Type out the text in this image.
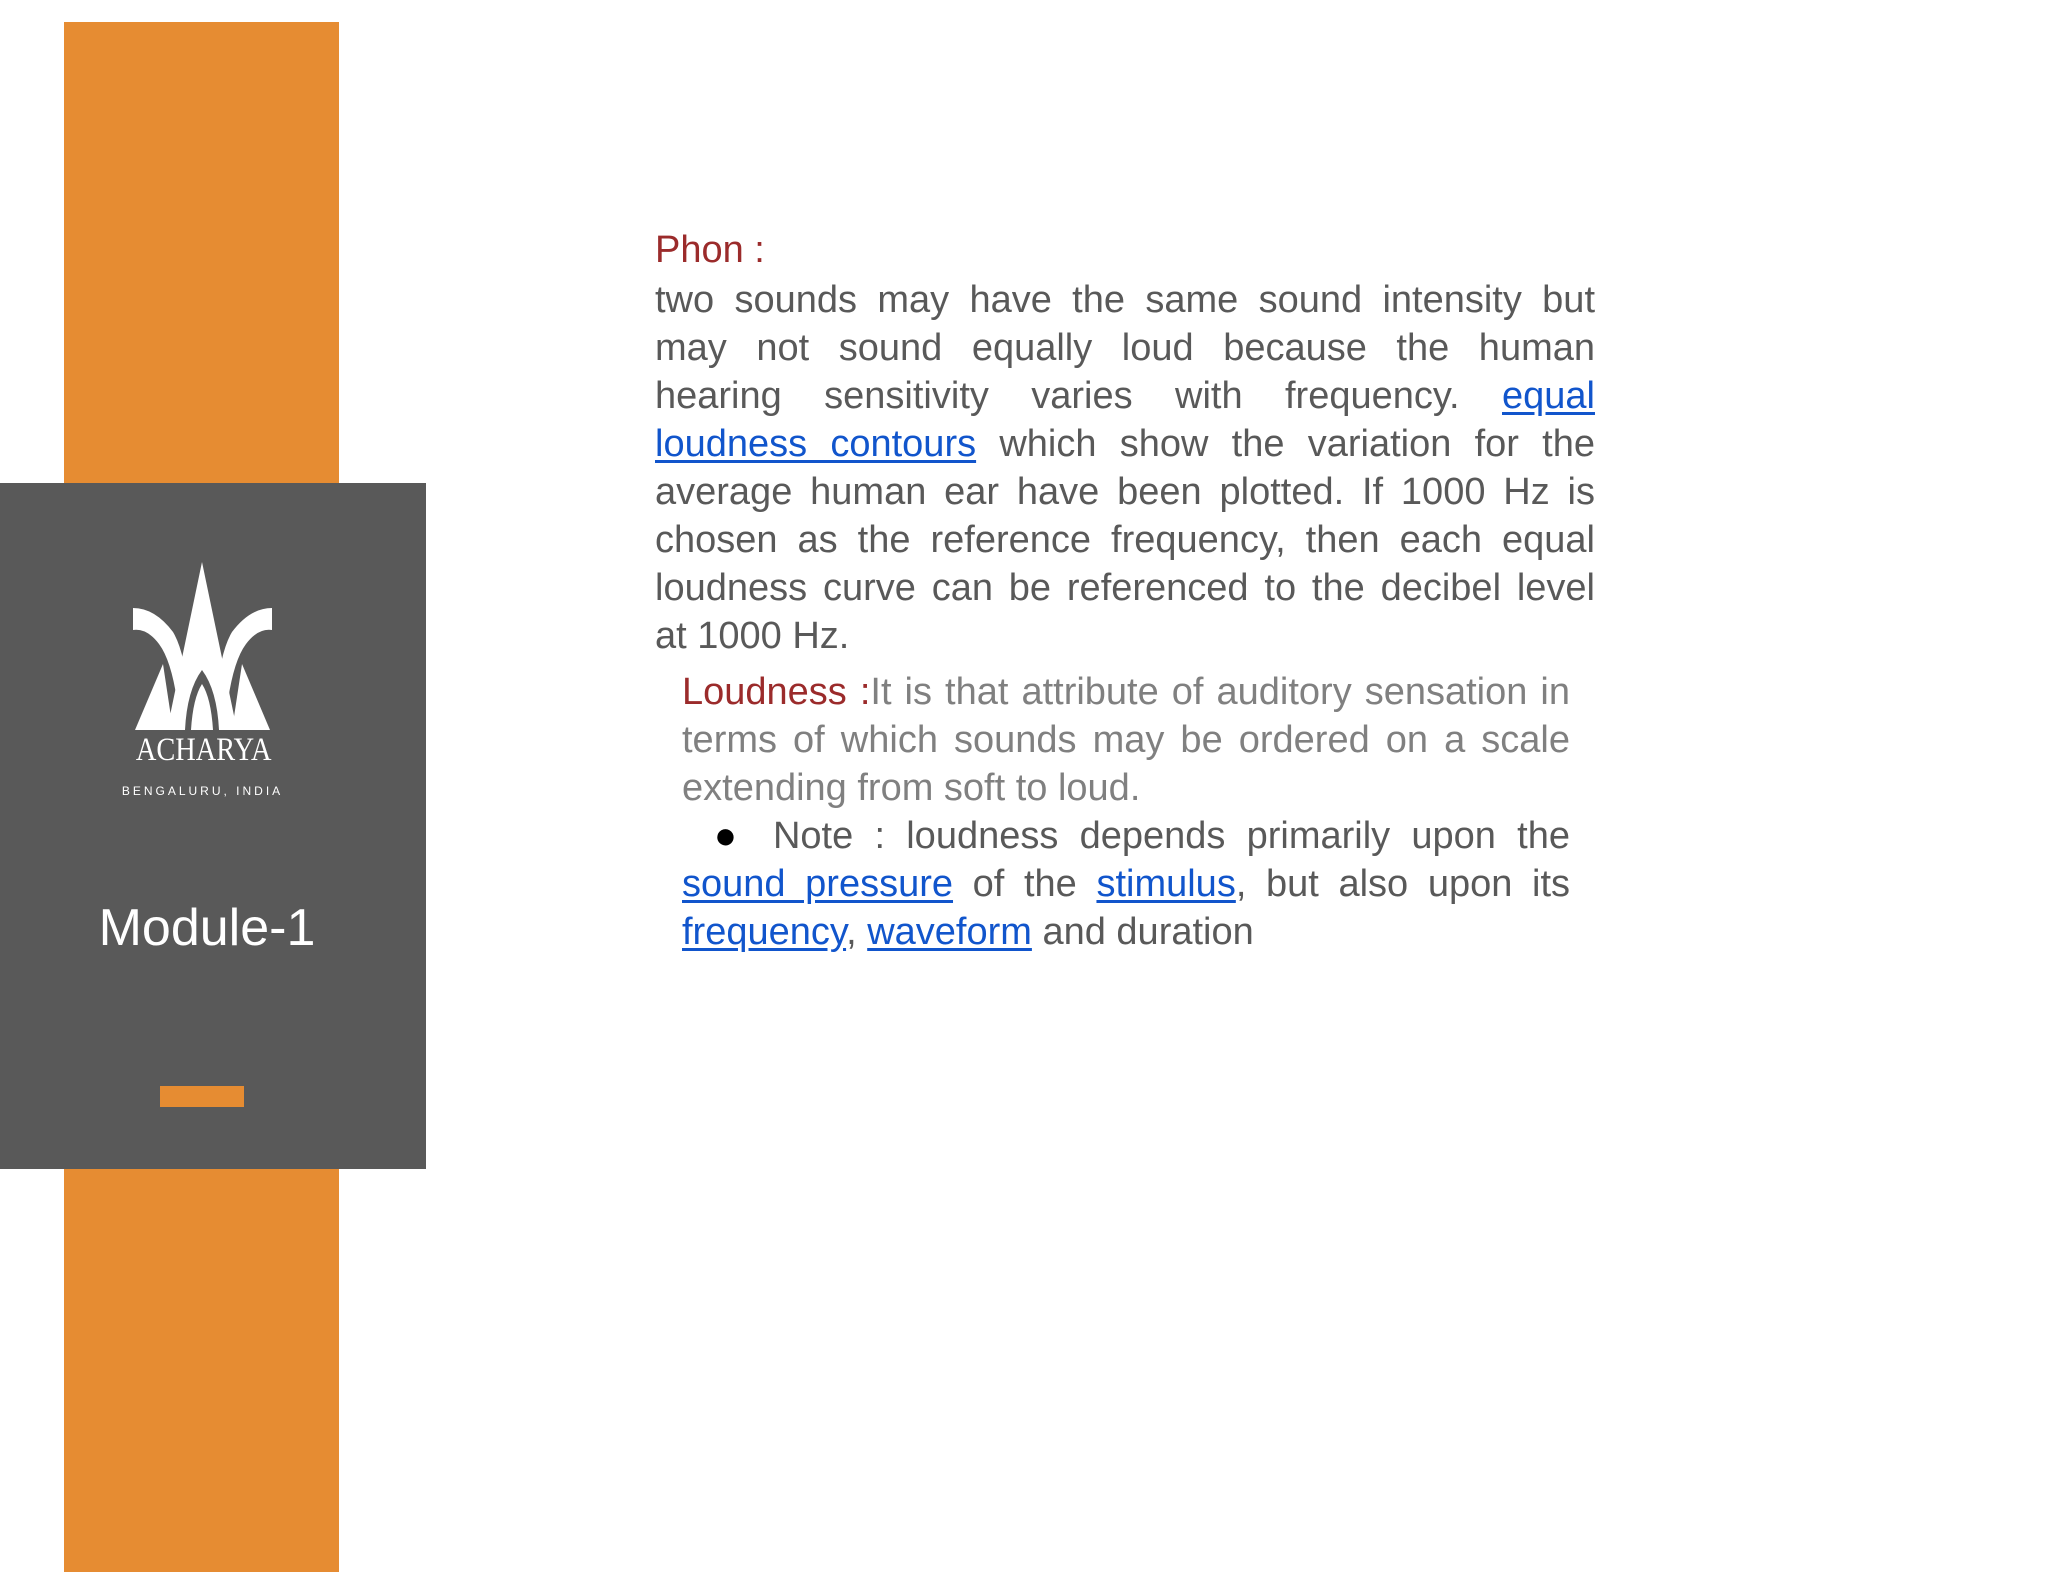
ACHARYA
BENGALURU, INDIA
Module-1

Phon :

two sounds may have the same sound intensity but may not sound equally loud because the human hearing sensitivity varies with frequency. equal loudness contours which show the variation for the average human ear have been plotted. If 1000 Hz is chosen as the reference frequency, then each equal loudness curve can be referenced to the decibel level at 1000 Hz.

Loudness :It is that attribute of auditory sensation in terms of which sounds may be ordered on a scale extending from soft to loud.

● Note : loudness depends primarily upon the sound pressure of the stimulus, but also upon its frequency, waveform and duration
